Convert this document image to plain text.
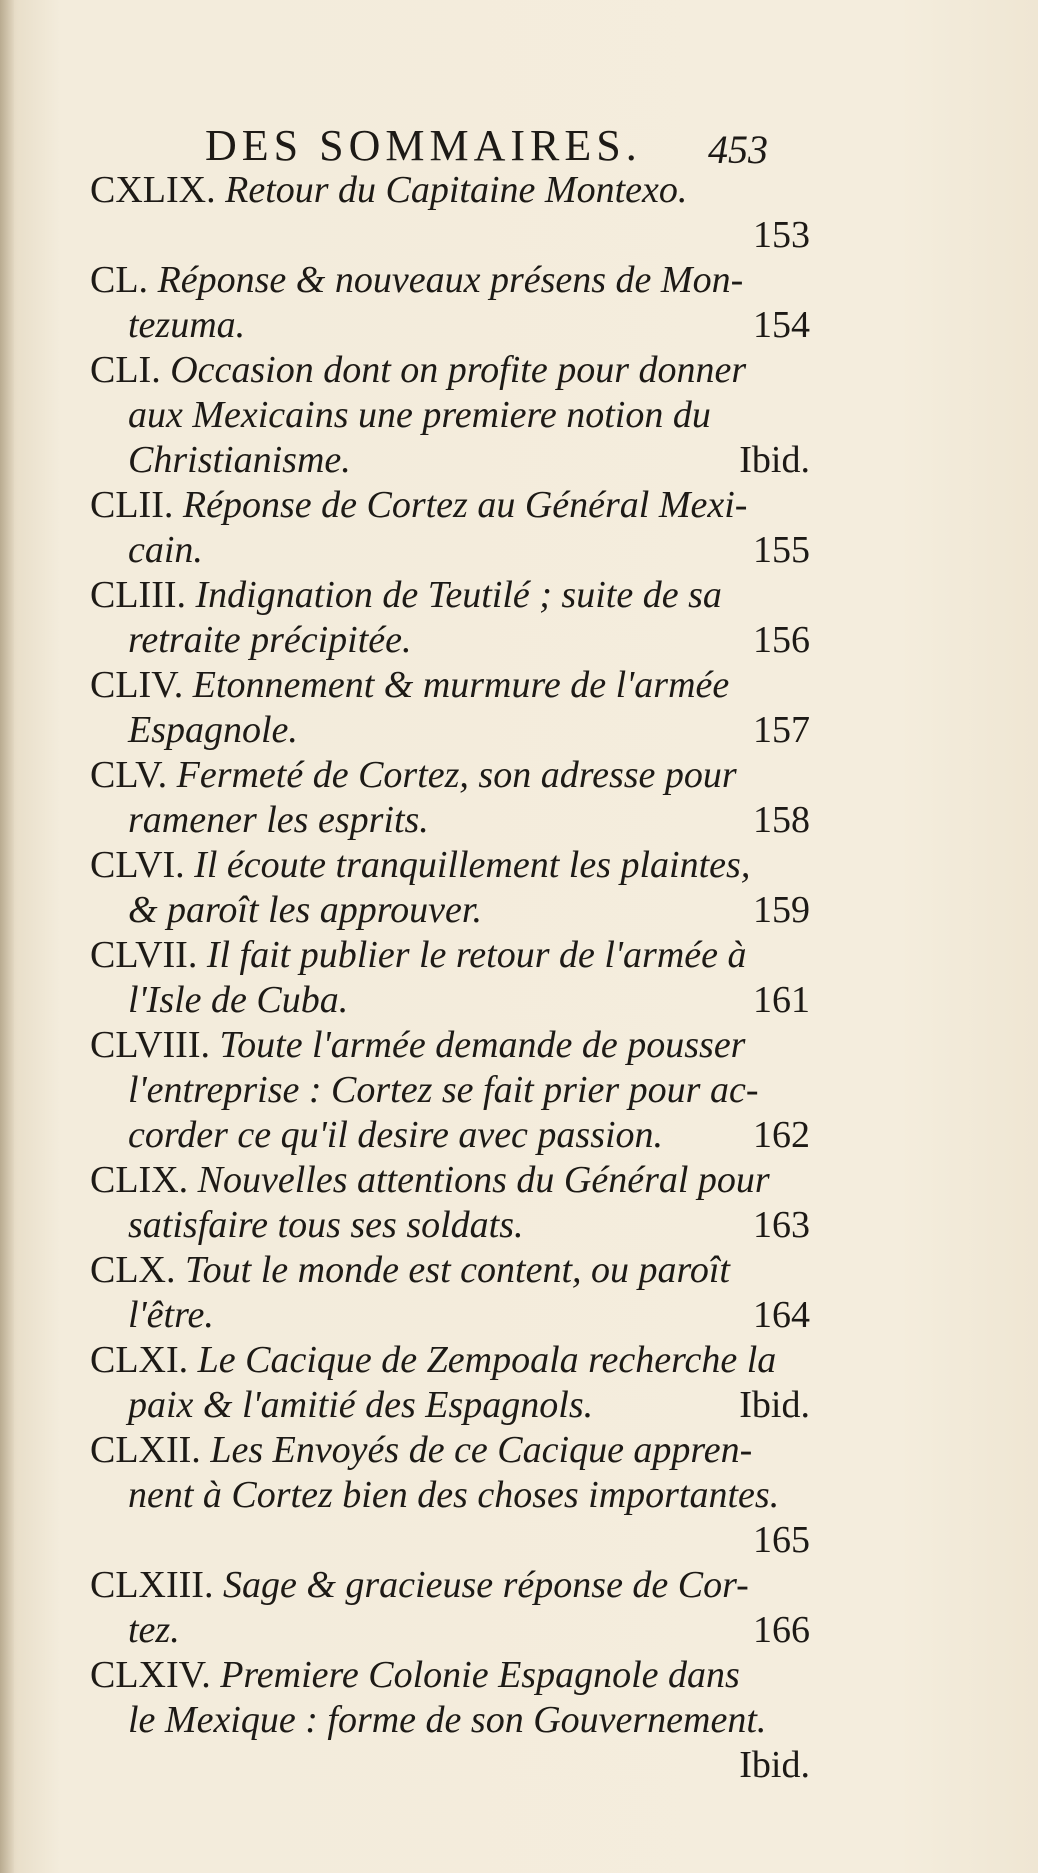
DES SOMMAIRES. 453
CXLIX. Retour du Capitaine Montexo.
153
CL. Réponse & nouveaux présens de Mon-
tezuma.	154
CLI. Occasion dont on profite pour donner
aux Mexicains une premiere notion du
Christianisme.	Ibid.
CLII. Réponse de Cortez au Général Mexi-
cain.	155
CLIII. Indignation de Teutilé ; suite de sa
retraite précipitée.	156
CLIV. Etonnement & murmure de l'armée
Espagnole.	157
CLV. Fermeté de Cortez, son adresse pour
ramener les esprits.	158
CLVI. Il écoute tranquillement les plaintes,
& paroît les approuver.	159
CLVII. Il fait publier le retour de l'armée à
l'Isle de Cuba.	161
CLVIII. Toute l'armée demande de pousser
l'entreprise : Cortez se fait prier pour ac-
corder ce qu'il desire avec passion. 162
CLIX. Nouvelles attentions du Général pour
satisfaire tous ses soldats.	163
CLX. Tout le monde est content, ou paroît
l'être.	164
CLXI. Le Cacique de Zempoala recherche la
paix & l'amitié des Espagnols.	Ibid.
CLXII. Les Envoyés de ce Cacique appren-
nent à Cortez bien des choses importantes.
165
CLXIII. Sage & gracieuse réponse de Cor-
tez.	166
CLXIV. Premiere Colonie Espagnole dans
le Mexique : forme de son Gouvernement.
Ibid.
